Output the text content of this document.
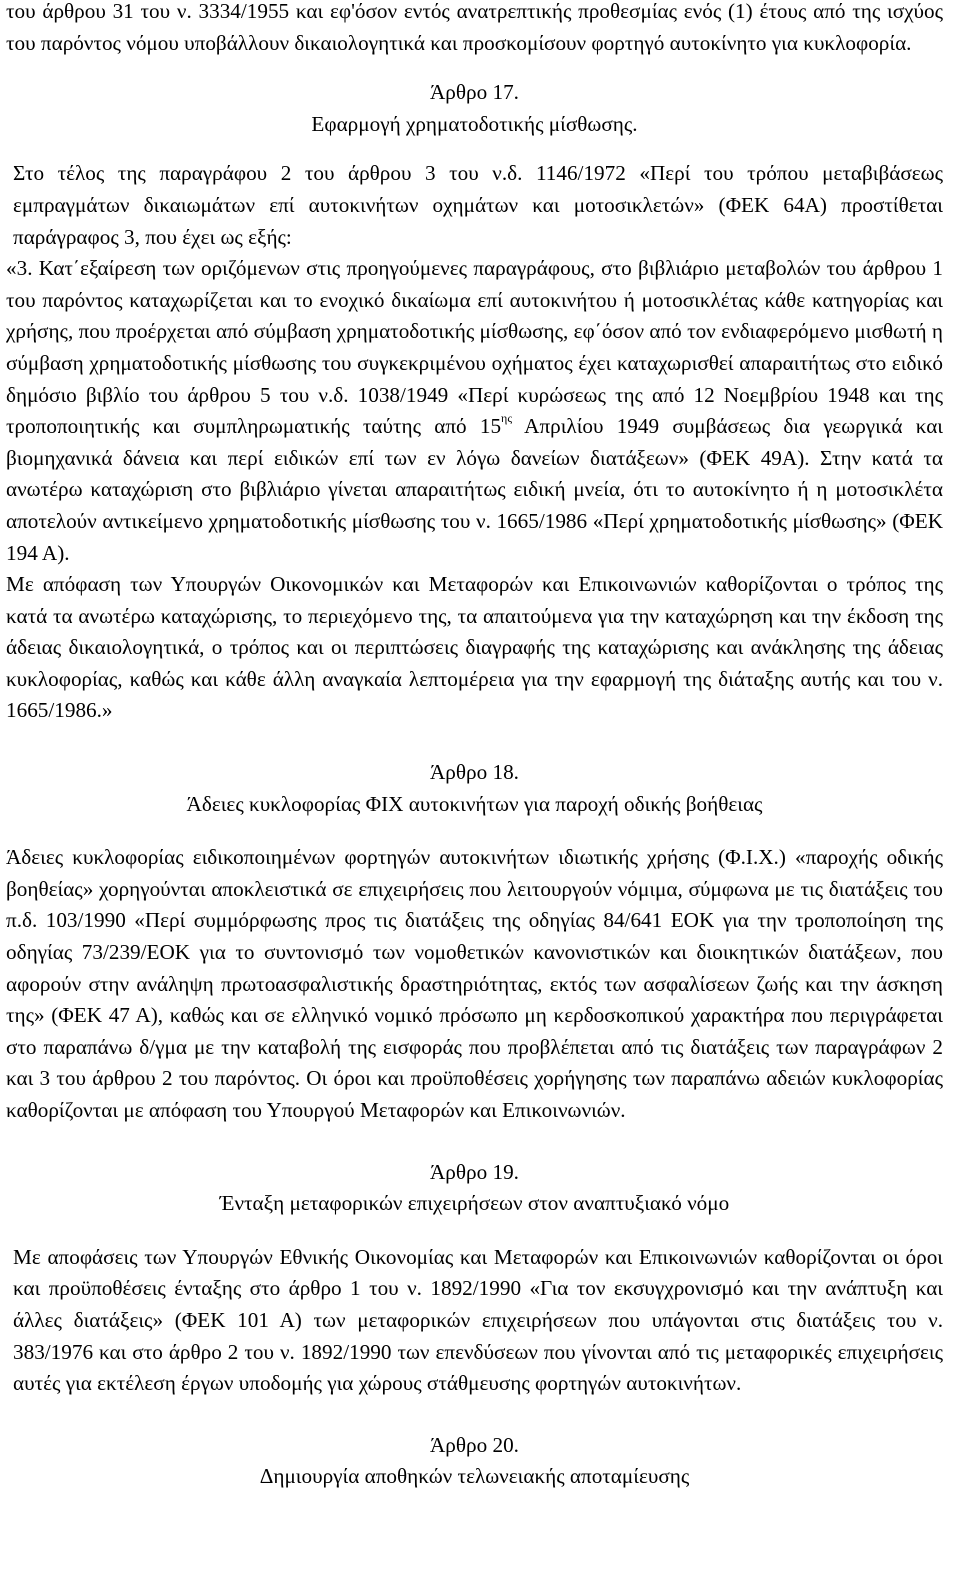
του άρθρου 31 του ν. 3334/1955 και εφ'όσον εντός ανατρεπτικής προθεσμίας ενός (1) έτους από της ισχύος του παρόντος νόμου υποβάλλουν δικαιολογητικά και προσκομίσουν φορτηγό αυτοκίνητο για κυκλοφορία.

Άρθρο 17.

Εφαρμογή χρηματοδοτικής μίσθωσης.

Στο τέλος της παραγράφου 2 του άρθρου 3 του ν.δ. 1146/1972 «Περί του τρόπου μεταβιβάσεως εμπραγμάτων δικαιωμάτων επί αυτοκινήτων οχημάτων και μοτοσικλετών» (ΦΕΚ 64Α) προστίθεται παράγραφος 3, που έχει ως εξής:

«3. Κατ΄εξαίρεση των οριζόμενων στις προηγούμενες παραγράφους, στο βιβλιάριο μεταβολών του άρθρου 1 του παρόντος καταχωρίζεται και το ενοχικό δικαίωμα επί αυτοκινήτου ή μοτοσικλέτας κάθε κατηγορίας και χρήσης, που προέρχεται από σύμβαση χρηματοδοτικής μίσθωσης, εφ΄όσον από τον ενδιαφερόμενο μισθωτή η σύμβαση χρηματοδοτικής μίσθωσης του συγκεκριμένου οχήματος έχει καταχωρισθεί απαραιτήτως στο ειδικό δημόσιο βιβλίο του άρθρου 5 του ν.δ. 1038/1949 «Περί κυρώσεως της από 12 Νοεμβρίου 1948 και της τροποποιητικής και συμπληρωματικής ταύτης από $15^{\eta\varsigma}$ Απριλίου 1949 συμβάσεως δια γεωργικά και βιομηχανικά δάνεια και περί ειδικών επί των εν λόγω δανείων διατάξεων» (ΦΕΚ 49Α). Στην κατά τα ανωτέρω καταχώριση στο βιβλιάριο γίνεται απαραιτήτως ειδική μνεία, ότι το αυτοκίνητο ή η μοτοσικλέτα αποτελούν αντικείμενο χρηματοδοτικής μίσθωσης του ν. 1665/1986 «Περί χρηματοδοτικής μίσθωσης» (ΦΕΚ 194 Α).

Με απόφαση των Υπουργών Οικονομικών και Μεταφορών και Επικοινωνιών καθορίζονται ο τρόπος της κατά τα ανωτέρω καταχώρισης, το περιεχόμενο της, τα απαιτούμενα για την καταχώρηση και την έκδοση της άδειας δικαιολογητικά, ο τρόπος και οι περιπτώσεις διαγραφής της καταχώρισης και ανάκλησης της άδειας κυκλοφορίας, καθώς και κάθε άλλη αναγκαία λεπτομέρεια για την εφαρμογή της διάταξης αυτής και του ν. 1665/1986.»

Άρθρο 18.

Άδειες κυκλοφορίας ΦΙΧ αυτοκινήτων για παροχή οδικής βοήθειας

Άδειες κυκλοφορίας ειδικοποιημένων φορτηγών αυτοκινήτων ιδιωτικής χρήσης (Φ.Ι.Χ.) «παροχής οδικής βοηθείας» χορηγούνται αποκλειστικά σε επιχειρήσεις που λειτουργούν νόμιμα, σύμφωνα με τις διατάξεις του π.δ. 103/1990 «Περί συμμόρφωσης προς τις διατάξεις της οδηγίας 84/641 ΕΟΚ για την τροποποίηση της οδηγίας 73/239/ΕΟΚ για το συντονισμό των νομοθετικών κανονιστικών και διοικητικών διατάξεων, που αφορούν στην ανάληψη πρωτοασφαλιστικής δραστηριότητας, εκτός των ασφαλίσεων ζωής και την άσκηση της» (ΦΕΚ 47 Α), καθώς και σε ελληνικό νομικό πρόσωπο μη κερδοσκοπικού χαρακτήρα που περιγράφεται στο παραπάνω δ/γμα με την καταβολή της εισφοράς που προβλέπεται από τις διατάξεις των παραγράφων 2 και 3 του άρθρου 2 του παρόντος. Οι όροι και προϋποθέσεις χορήγησης των παραπάνω αδειών κυκλοφορίας καθορίζονται με απόφαση του Υπουργού Μεταφορών και Επικοινωνιών.

Άρθρο 19.

Ένταξη μεταφορικών επιχειρήσεων στον αναπτυξιακό νόμο

Με αποφάσεις των Υπουργών Εθνικής Οικονομίας και Μεταφορών και Επικοινωνιών καθορίζονται οι όροι και προϋποθέσεις ένταξης στο άρθρο 1 του ν. 1892/1990 «Για τον εκσυγχρονισμό και την ανάπτυξη και άλλες διατάξεις» (ΦΕΚ 101 Α) των μεταφορικών επιχειρήσεων που υπάγονται στις διατάξεις του ν. 383/1976 και στο άρθρο 2 του ν. 1892/1990 των επενδύσεων που γίνονται από τις μεταφορικές επιχειρήσεις αυτές για εκτέλεση έργων υποδομής για χώρους στάθμευσης φορτηγών αυτοκινήτων.

Άρθρο 20.

Δημιουργία αποθηκών τελωνειακής αποταμίευσης
